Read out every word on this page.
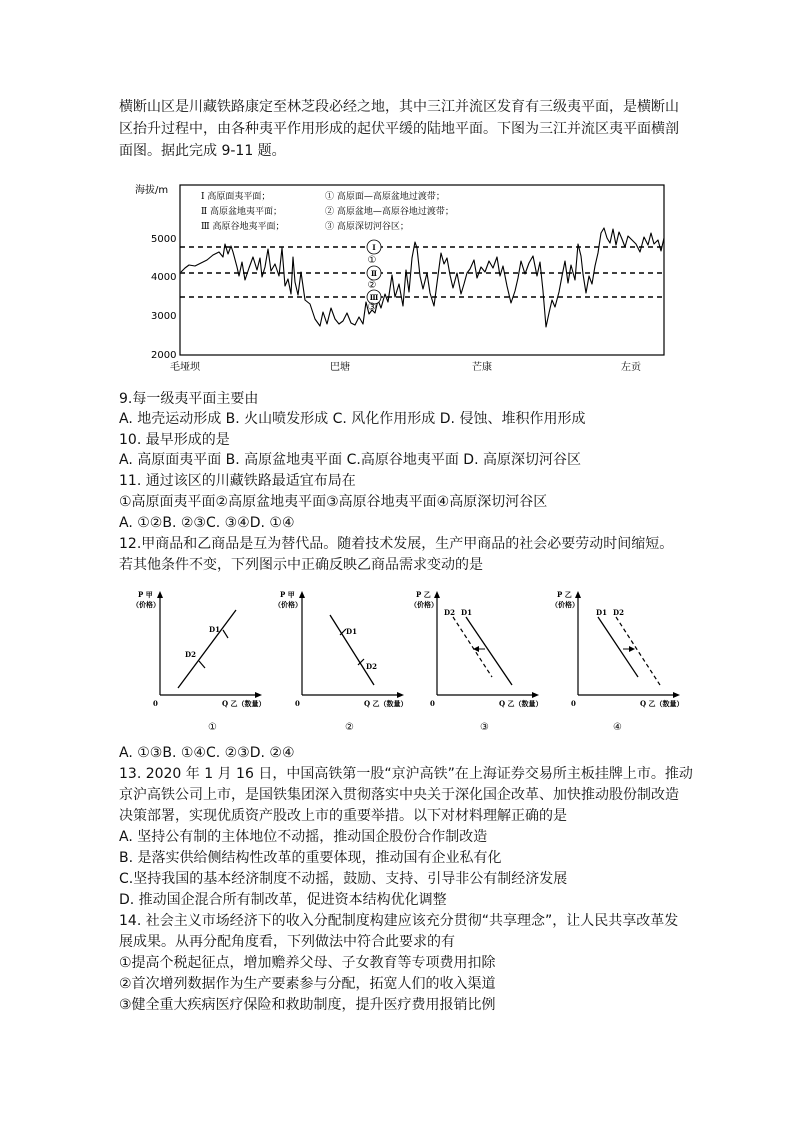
横断山区是川藏铁路康定至林芝段必经之地，其中三江并流区发育有三级夷平面，是横断山
区抬升过程中，由各种夷平作用形成的起伏平缓的陆地平面。下图为三江并流区夷平面横剖
面图。据此完成 9-11 题。
海拔/m
5000
4000
3000
2000
Ⅰ
Ⅱ
Ⅲ
①
②
③
Ⅰ 高原面夷平面；	① 高原面—高原盆地过渡带；
Ⅱ 高原盆地夷平面；	② 高原盆地—高原谷地过渡带；
Ⅲ 高原谷地夷平面；	③ 高原深切河谷区；
毛垭坝	巴塘	芒康	左贡
9.每一级夷平面主要由
A. 地壳运动形成 B. 火山喷发形成 C. 风化作用形成 D. 侵蚀、堆积作用形成
10. 最早形成的是
A. 高原面夷平面 B. 高原盆地夷平面 C.高原谷地夷平面 D. 高原深切河谷区
11. 通过该区的川藏铁路最适宜布局在
①高原面夷平面②高原盆地夷平面③高原谷地夷平面④高原深切河谷区
A. ①②B. ②③C. ③④D. ①④
12.甲商品和乙商品是互为替代品。随着技术发展，生产甲商品的社会必要劳动时间缩短。
若其他条件不变，下列图示中正确反映乙商品需求变动的是
P 甲
（价格）
0	Q 乙（数量）
D1
D2
①
P 甲
（价格）
0	Q 乙（数量）
D1
D2
②
P 乙
（价格）
0	Q 乙（数量）
D2 D1
③
P 乙
（价格）
0	Q 乙（数量）
D1 D2
④
A. ①③B. ①④C. ②③D. ②④
13. 2020 年 1 月 16 日，中国高铁第一股“京沪高铁”在上海证券交易所主板挂牌上市。推动
京沪高铁公司上市，是国铁集团深入贯彻落实中央关于深化国企改革、加快推动股份制改造
决策部署，实现优质资产股改上市的重要举措。以下对材料理解正确的是
A. 坚持公有制的主体地位不动摇，推动国企股份合作制改造
B. 是落实供给侧结构性改革的重要体现，推动国有企业私有化
C.坚持我国的基本经济制度不动摇，鼓励、支持、引导非公有制经济发展
D. 推动国企混合所有制改革，促进资本结构优化调整
14. 社会主义市场经济下的收入分配制度构建应该充分贯彻“共享理念”，让人民共享改革发
展成果。从再分配角度看，下列做法中符合此要求的有
①提高个税起征点，增加赡养父母、子女教育等专项费用扣除
②首次增列数据作为生产要素参与分配，拓宽人们的收入渠道
③健全重大疾病医疗保险和救助制度，提升医疗费用报销比例
